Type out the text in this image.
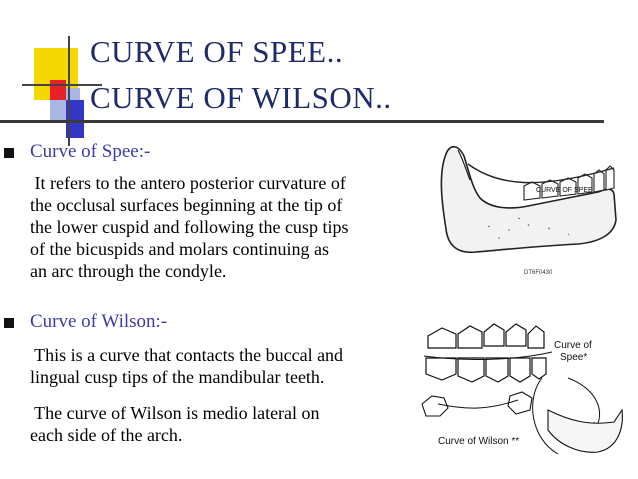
CURVE OF SPEE..
CURVE OF WILSON..
Curve of Spee:-
It refers to the antero posterior curvature of
the occlusal surfaces beginning at the tip of
the lower cuspid and following the cusp tips
of the bicuspids and molars continuing as
an arc through the condyle.
Curve of Wilson:-
This is a curve that contacts the buccal and
lingual cusp tips of the mandibular teeth.
The curve of Wilson is medio lateral on
each side of the arch.
CURVE OF SPEE
DT6F0430
Curve of
Spee*
Curve of Wilson **
